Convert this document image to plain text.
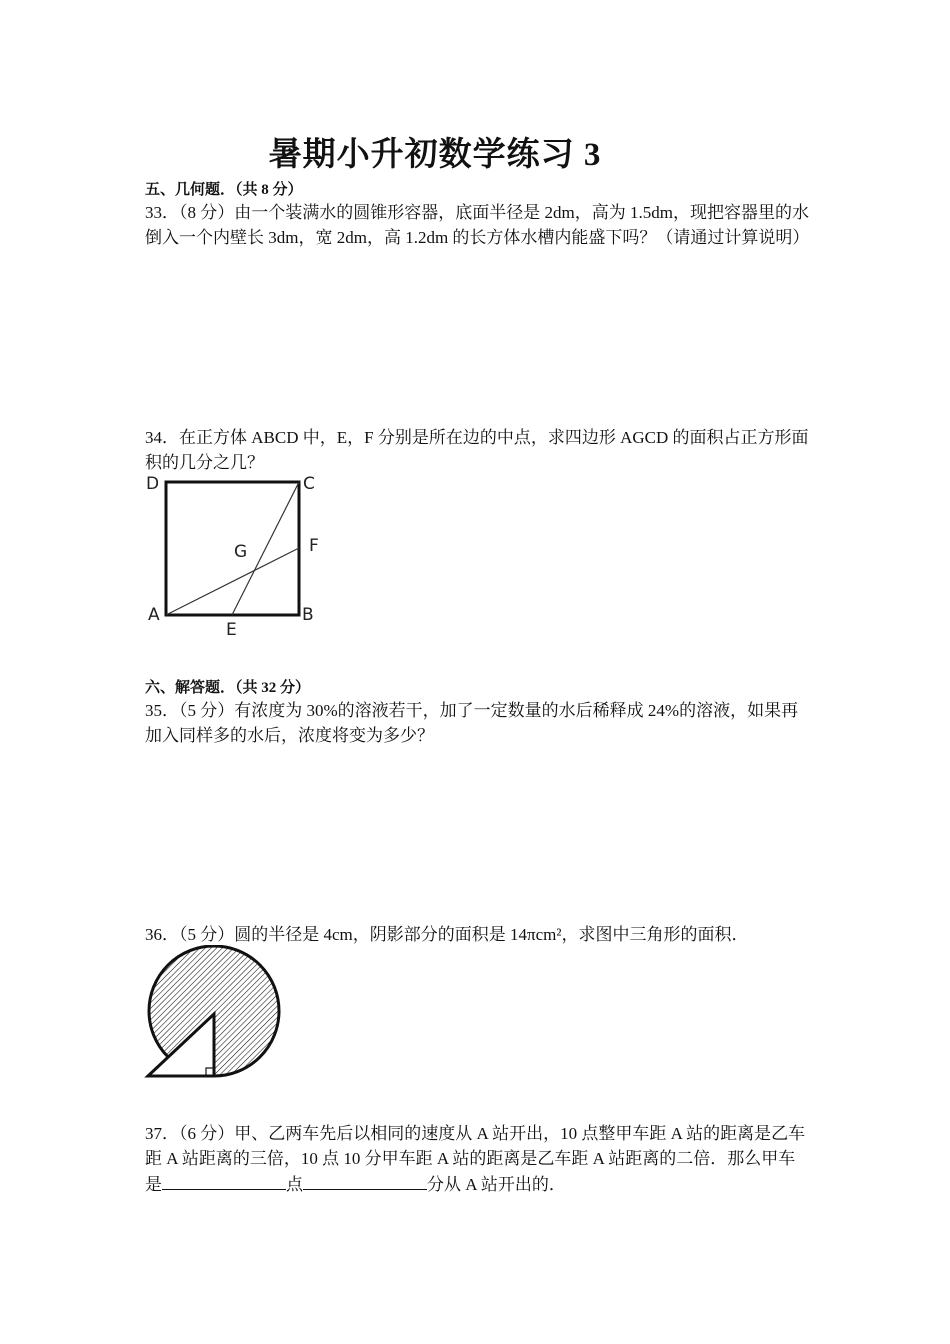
暑期小升初数学练习 3
五、几何题．（共 8 分）
33．（8 分）由一个装满水的圆锥形容器，底面半径是 2dm，高为 1.5dm，现把容器里的水倒入一个内壁长 3dm，宽 2dm，高 1.2dm 的长方体水槽内能盛下吗？（请通过计算说明）
34．在正方体 ABCD 中，E，F 分别是所在边的中点，求四边形 AGCD 的面积占正方形面积的几分之几？
D	C
F
G
A	B
E
六、解答题．（共 32 分）
35．（5 分）有浓度为 30%的溶液若干，加了一定数量的水后稀释成 24%的溶液，如果再加入同样多的水后，浓度将变为多少？
36．（5 分）圆的半径是 4cm，阴影部分的面积是 14πcm²，求图中三角形的面积．
37．（6 分）甲、乙两车先后以相同的速度从 A 站开出，10 点整甲车距 A 站的距离是乙车距 A 站距离的三倍，10 点 10 分甲车距 A 站的距离是乙车距 A 站距离的二倍．那么甲车是	点	分从 A 站开出的．
